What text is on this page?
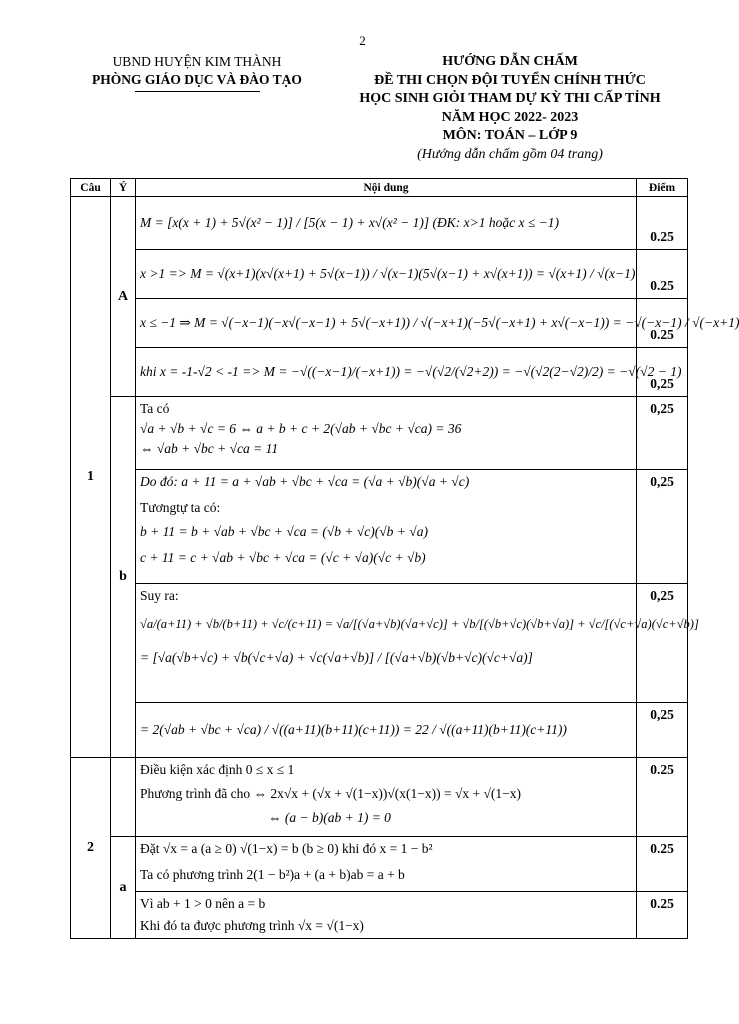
2
UBND HUYỆN KIM THÀNH
PHÒNG GIÁO DỤC VÀ ĐÀO TẠO
HƯỚNG DẪN CHẤM
ĐỀ THI CHỌN ĐỘI TUYỂN CHÍNH THỨC
HỌC SINH GIỎI THAM DỰ KỲ THI CẤP TỈNH
NĂM HỌC 2022- 2023
MÔN: TOÁN – LỚP 9
(Hướng dẫn chấm gồm 04 trang)
Câu	Ý	Nội dung	Điểm
1	A	M = [x(x + 1) + 5√(x² − 1)] / [5(x − 1) + x√(x² − 1)] (ĐK: x>1 hoặc x ≤ −1)	0.25

		x >1 => M = √(x+1)(x√(x+1) + 5√(x−1)) / √(x−1)(5√(x−1) + x√(x+1)) = √(x+1) / √(x−1)	0.25

		x ≤ −1 ⇒ M = √(−x−1)(−x√(−x−1) + 5√(−x+1)) / √(−x+1)(−5√(−x+1) + x√(−x−1)) = −√(−x−1) / √(−x+1)	0.25

		khi x = -1-√2 < -1 => M = −√((−x−1)/(−x+1)) = −√(√2/(√2+2)) = −√(√2(2−√2)/2) = −√(√2 − 1)	0,25
	b	Ta có
√a + √b + √c = 6 ⇔ a + b + c + 2(√ab + √bc + √ca) = 36
⇔ √ab + √bc + √ca = 11	0,25

		Do đó: a + 11 = a + √ab + √bc + √ca = (√a + √b)(√a + √c)
Tươngtự ta có:
b + 11 = b + √ab + √bc + √ca = (√b + √c)(√b + √a)
c + 11 = c + √ab + √bc + √ca = (√c + √a)(√c + √b)	0,25

		Suy ra:
√a/(a+11) + √b/(b+11) + √c/(c+11) = √a/[(√a+√b)(√a+√c)] + √b/[(√b+√c)(√b+√a)] + √c/[(√c+√a)(√c+√b)]
= [√a(√b+√c) + √b(√c+√a) + √c(√a+√b)] / [(√a+√b)(√b+√c)(√c+√a)]	0,25

		= 2(√ab + √bc + √ca) / √((a+11)(b+11)(c+11)) = 22 / √((a+11)(b+11)(c+11))	0,25
2		Điều kiện xác định 0 ≤ x ≤ 1
Phương trình đã cho ⇔ 2x√x + (√x + √(1−x))√(x(1−x)) = √x + √(1−x)
⇔ (a − b)(ab + 1) = 0	0.25
	a	Đặt √x = a (a ≥ 0) √(1−x) = b (b ≥ 0) khi đó x = 1 − b²
Ta có phương trình 2(1 − b²)a + (a + b)ab = a + b	0.25

		Vì ab + 1 > 0 nên a = b
Khi đó ta được phương trình √x = √(1−x)	0.25
